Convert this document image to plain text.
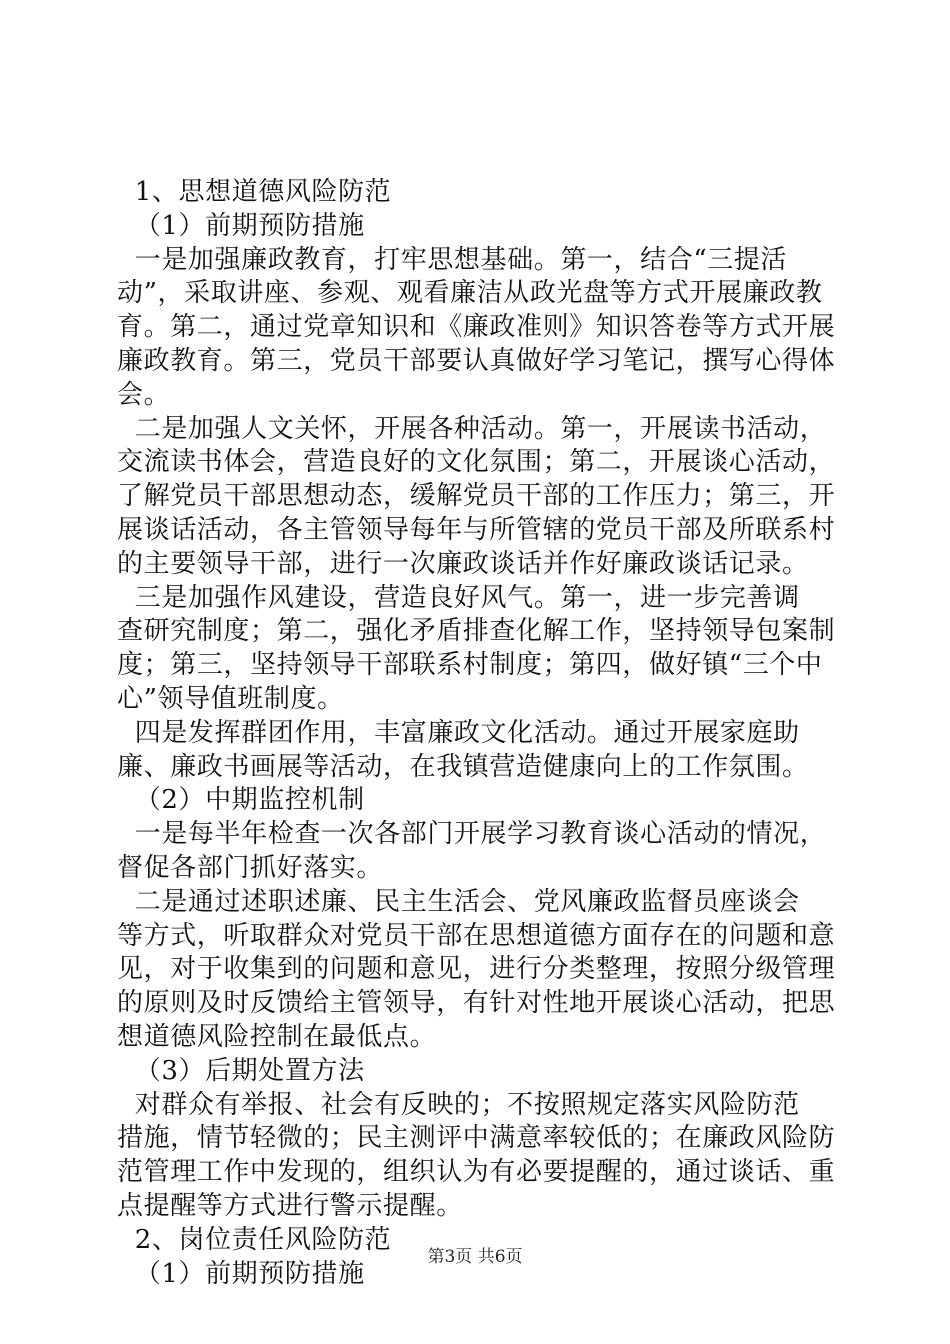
1、思想道德风险防范
（1）前期预防措施
一是加强廉政教育，打牢思想基础。第一，结合“三提活
动”，采取讲座、参观、观看廉洁从政光盘等方式开展廉政教
育。第二，通过党章知识和《廉政准则》知识答卷等方式开展
廉政教育。第三，党员干部要认真做好学习笔记，撰写心得体
会。
二是加强人文关怀，开展各种活动。第一，开展读书活动，
交流读书体会，营造良好的文化氛围；第二，开展谈心活动，
了解党员干部思想动态，缓解党员干部的工作压力；第三，开
展谈话活动，各主管领导每年与所管辖的党员干部及所联系村
的主要领导干部，进行一次廉政谈话并作好廉政谈话记录。
三是加强作风建设，营造良好风气。第一，进一步完善调
查研究制度；第二，强化矛盾排查化解工作，坚持领导包案制
度；第三，坚持领导干部联系村制度；第四，做好镇“三个中
心”领导值班制度。
四是发挥群团作用，丰富廉政文化活动。通过开展家庭助
廉、廉政书画展等活动，在我镇营造健康向上的工作氛围。
（2）中期监控机制
一是每半年检查一次各部门开展学习教育谈心活动的情况，
督促各部门抓好落实。
二是通过述职述廉、民主生活会、党风廉政监督员座谈会
等方式，听取群众对党员干部在思想道德方面存在的问题和意
见，对于收集到的问题和意见，进行分类整理，按照分级管理
的原则及时反馈给主管领导，有针对性地开展谈心活动，把思
想道德风险控制在最低点。
（3）后期处置方法
对群众有举报、社会有反映的；不按照规定落实风险防范
措施，情节轻微的；民主测评中满意率较低的；在廉政风险防
范管理工作中发现的，组织认为有必要提醒的，通过谈话、重
点提醒等方式进行警示提醒。
2、岗位责任风险防范
（1）前期预防措施
第3页 共6页
